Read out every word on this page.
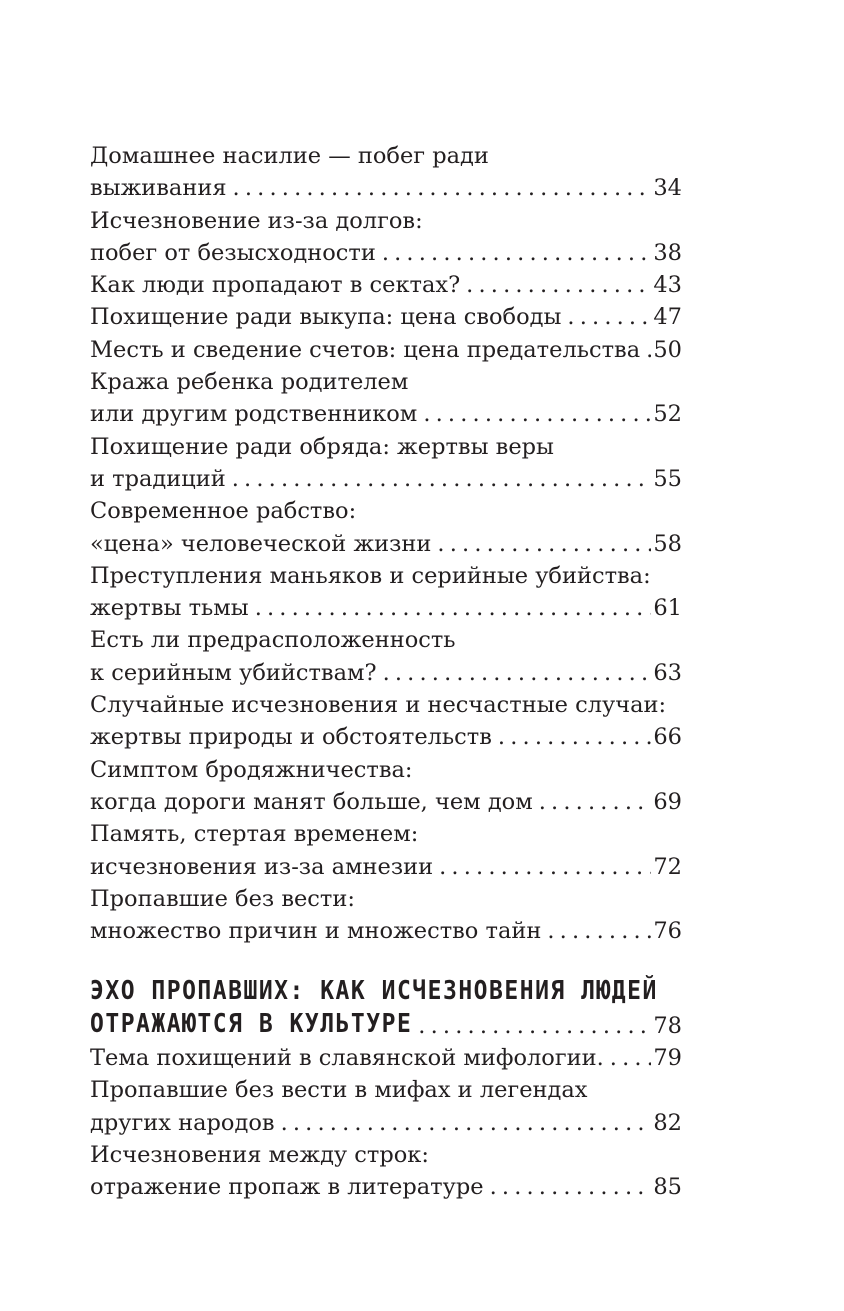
Домашнее насилие — побег ради
выживания . . .	34
Исчезновение из-за долгов:
побег от безысходности . . .	38
Как люди пропадают в сектах? . . .	43
Похищение ради выкупа: цена свободы . . .	47
Месть и сведение счетов: цена предательства . . . 50
Кража ребенка родителем
или другим родственником . . .	52
Похищение ради обряда: жертвы веры
и традиций . . .	55
Современное рабство:
«цена» человеческой жизни . . .	58
Преступления маньяков и серийные убийства:
жертвы тьмы . . .	61
Есть ли предрасположенность
к серийным убийствам? . . .	63
Случайные исчезновения и несчастные случаи:
жертвы природы и обстоятельств . . .	66
Симптом бродяжничества:
когда дороги манят больше, чем дом . . .	69
Память, стертая временем:
исчезновения из-за амнезии . . .	72
Пропавшие без вести:
множество причин и множество тайн . . .	76
ЭХО ПРОПАВШИХ: КАК ИСЧЕЗНОВЕНИЯ ЛЮДЕЙ
ОТРАЖАЮТСЯ В КУЛЬТУРЕ . . .	78
Тема похищений в славянской мифологии. . . . 79
Пропавшие без вести в мифах и легендах
других народов . . .	82
Исчезновения между строк:
отражение пропаж в литературе . . .	85
